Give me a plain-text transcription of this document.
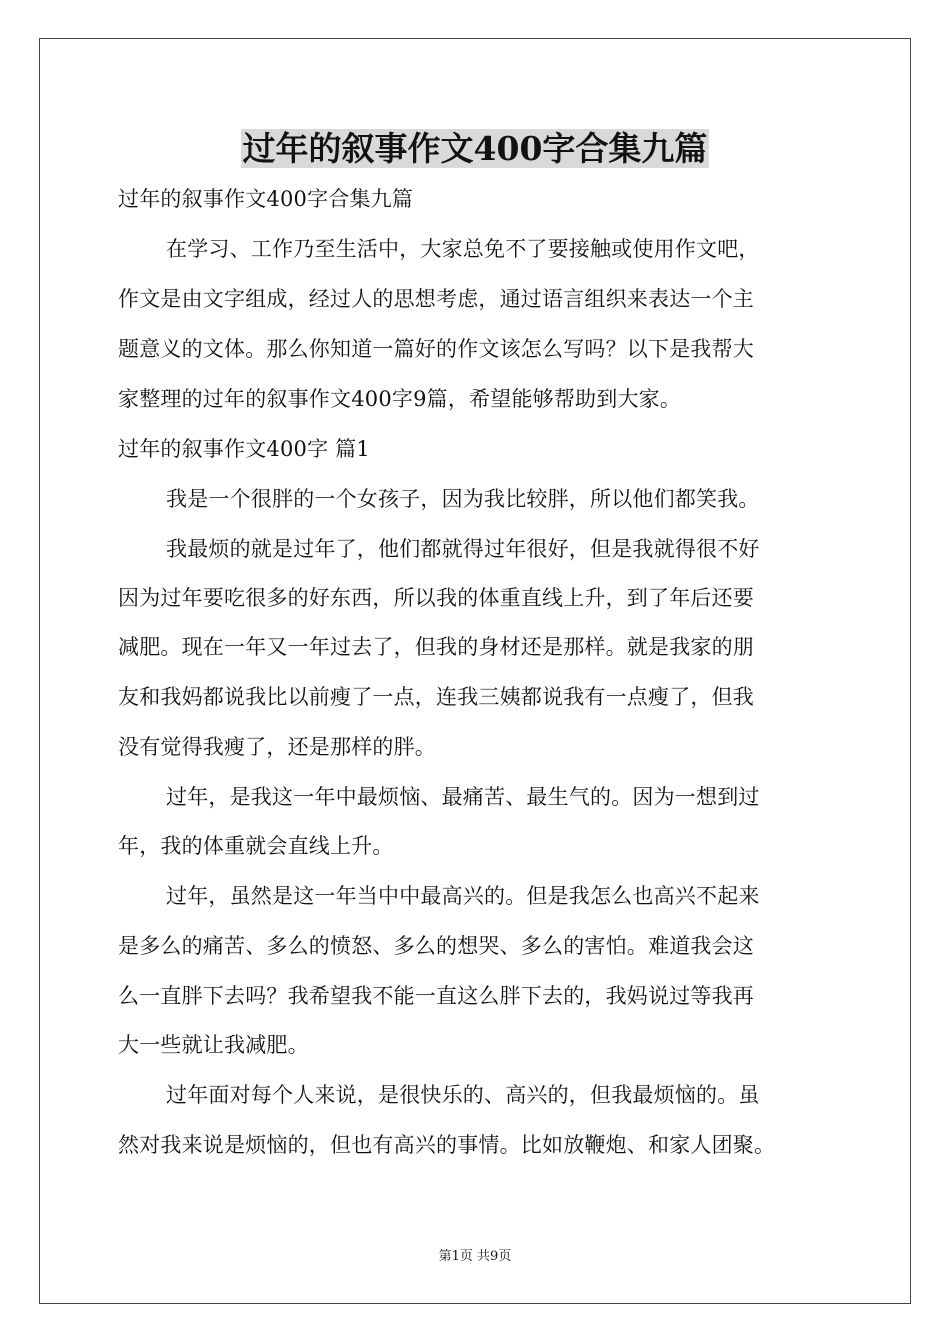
过年的叙事作文400字合集九篇
过年的叙事作文400字合集九篇
在学习、工作乃至生活中，大家总免不了要接触或使用作文吧，
作文是由文字组成，经过人的思想考虑，通过语言组织来表达一个主
题意义的文体。那么你知道一篇好的作文该怎么写吗？以下是我帮大
家整理的过年的叙事作文400字9篇，希望能够帮助到大家。
过年的叙事作文400字 篇1
我是一个很胖的一个女孩子，因为我比较胖，所以他们都笑我。
我最烦的就是过年了，他们都就得过年很好，但是我就得很不好
因为过年要吃很多的好东西，所以我的体重直线上升，到了年后还要
减肥。现在一年又一年过去了，但我的身材还是那样。就是我家的朋
友和我妈都说我比以前瘦了一点，连我三姨都说我有一点瘦了，但我
没有觉得我瘦了，还是那样的胖。
过年，是我这一年中最烦恼、最痛苦、最生气的。因为一想到过
年，我的体重就会直线上升。
过年，虽然是这一年当中中最高兴的。但是我怎么也高兴不起来
是多么的痛苦、多么的愤怒、多么的想哭、多么的害怕。难道我会这
么一直胖下去吗？我希望我不能一直这么胖下去的，我妈说过等我再
大一些就让我减肥。
过年面对每个人来说，是很快乐的、高兴的，但我最烦恼的。虽
然对我来说是烦恼的，但也有高兴的事情。比如放鞭炮、和家人团聚。
第1页 共9页
